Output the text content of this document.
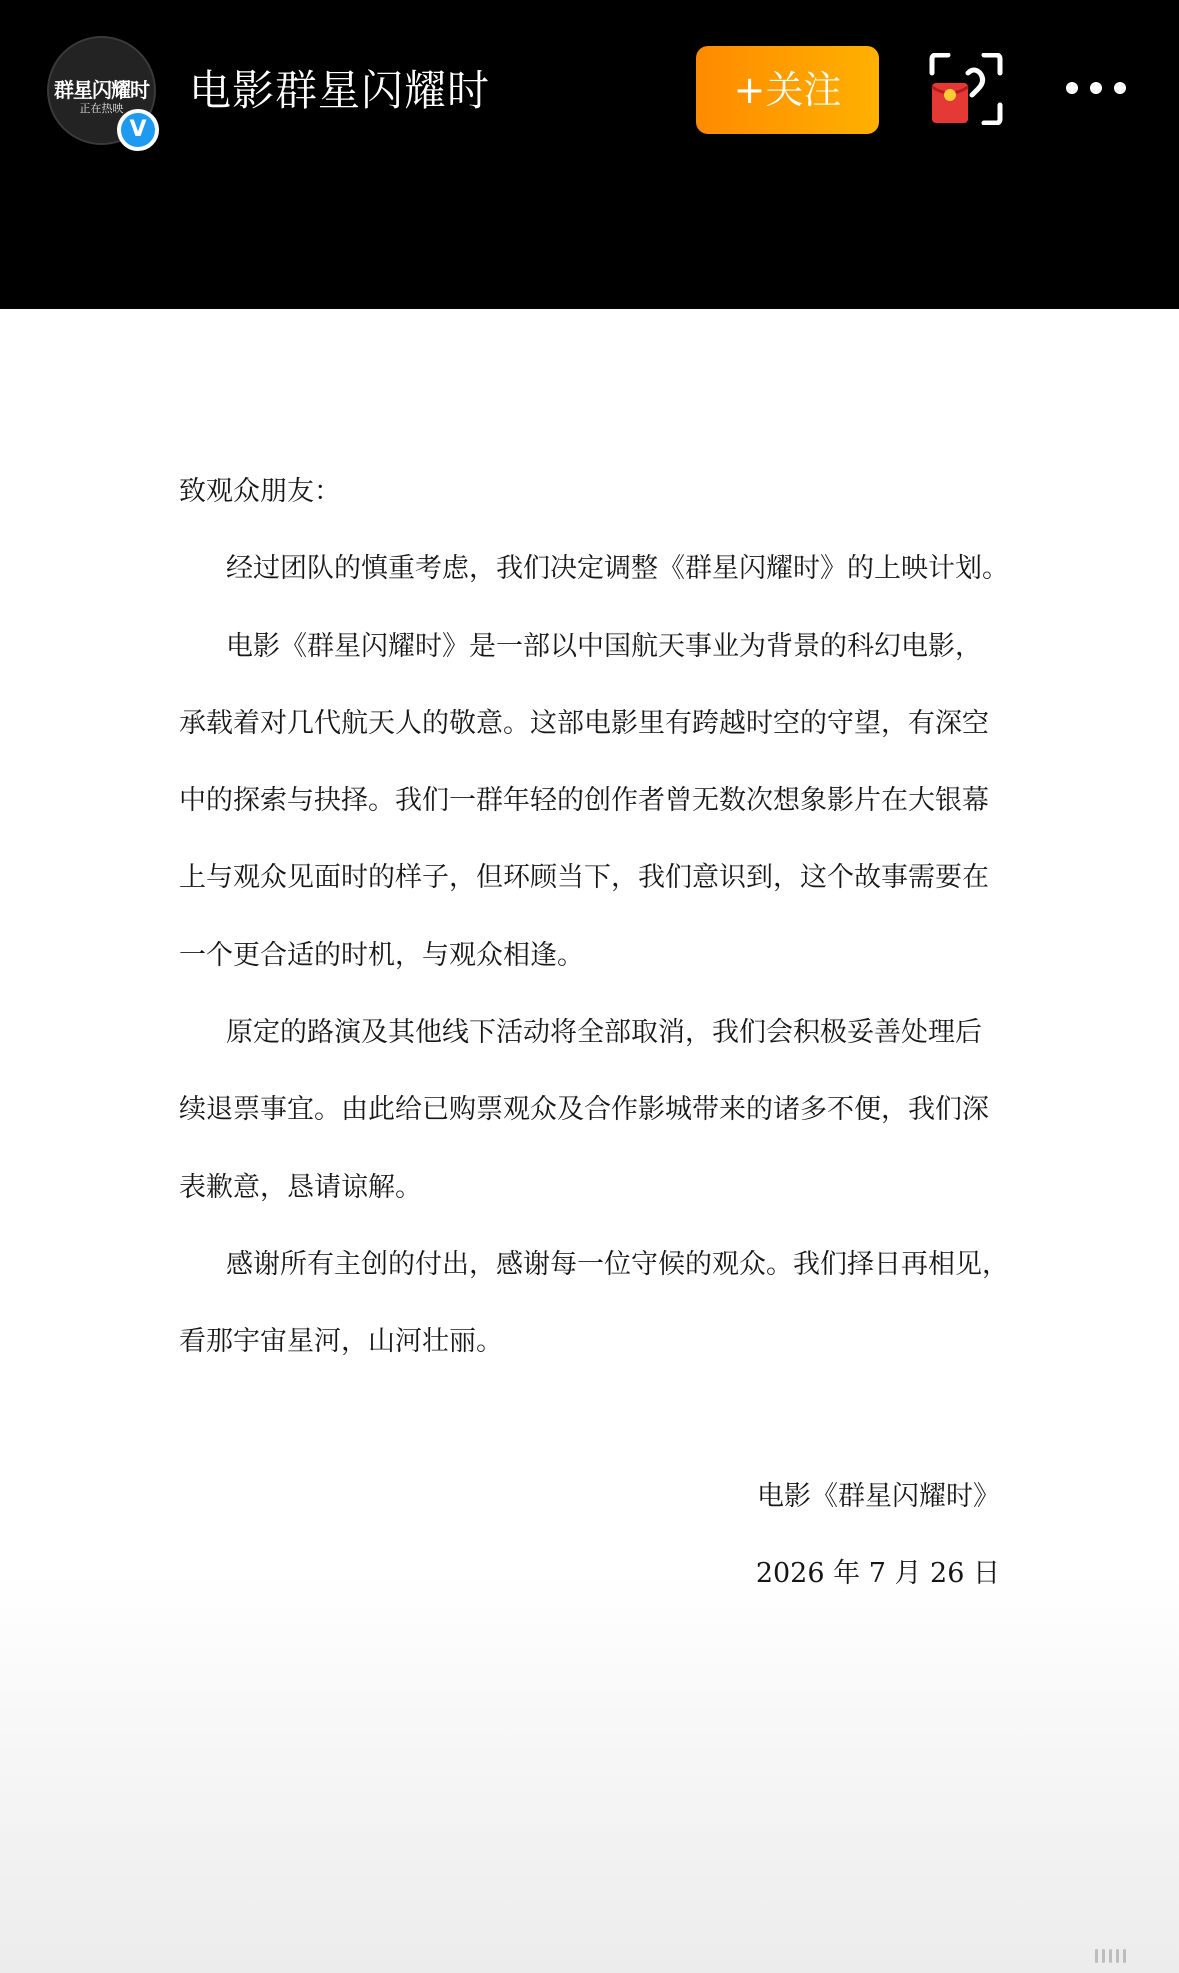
群星闪耀时
正在热映
V
电影群星闪耀时	+关注
致观众朋友：
经过团队的慎重考虑，我们决定调整《群星闪耀时》的上映计划。
电影《群星闪耀时》是一部以中国航天事业为背景的科幻电影，
承载着对几代航天人的敬意。这部电影里有跨越时空的守望，有深空
中的探索与抉择。我们一群年轻的创作者曾无数次想象影片在大银幕
上与观众见面时的样子，但环顾当下，我们意识到，这个故事需要在
一个更合适的时机，与观众相逢。
原定的路演及其他线下活动将全部取消，我们会积极妥善处理后
续退票事宜。由此给已购票观众及合作影城带来的诸多不便，我们深
表歉意，恳请谅解。
感谢所有主创的付出，感谢每一位守候的观众。我们择日再相见，
看那宇宙星河，山河壮丽。
电影《群星闪耀时》
2026 年 7 月 26 日
